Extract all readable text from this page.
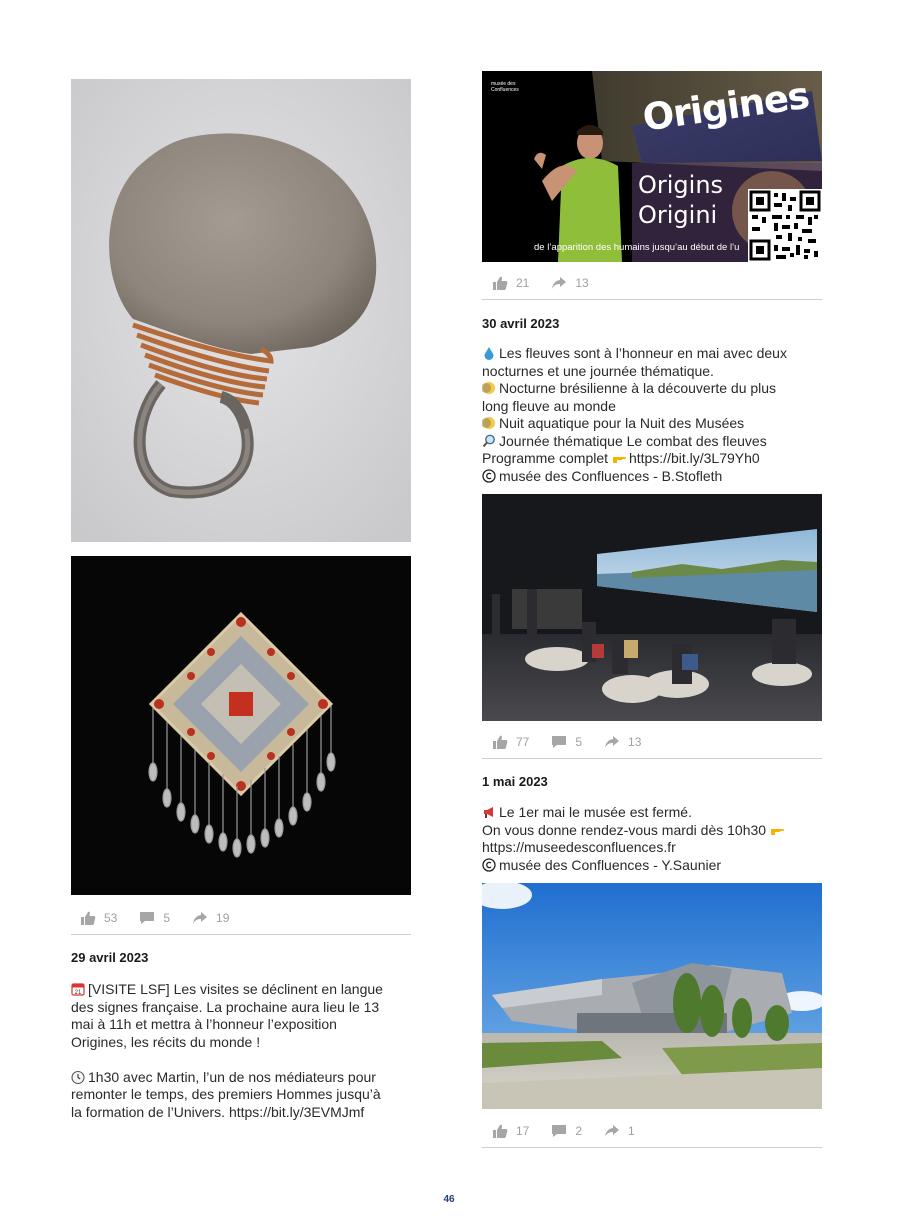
53	5	19
29 avril 2023
21 [VISITE LSF] Les visites se déclinent en langue
des signes française. La prochaine aura lieu le 13
mai à 11h et mettra à l’honneur l’exposition
Origines, les récits du monde !
1h30 avec Martin, l’un de nos médiateurs pour
remonter le temps, des premiers Hommes jusqu’à
la formation de l’Univers. https://bit.ly/3EVMJmf
musée des
Confluences	Origines
Origins
Origini
de l’apparition des humains jusqu’au début de l’u
21	13
30 avril 2023
Les fleuves sont à l’honneur en mai avec deux
nocturnes et une journée thématique.
Nocturne brésilienne à la découverte du plus
long fleuve au monde
Nuit aquatique pour la Nuit des Musées
Journée thématique Le combat des fleuves
Programme complet https://bit.ly/3L79Yh0
musée des Confluences - B.Stofleth
77	5	13
1 mai 2023
Le 1er mai le musée est fermé.
On vous donne rendez-vous mardi dès 10h30
https://museedesconfluences.fr
musée des Confluences - Y.Saunier
17	2	1
46
